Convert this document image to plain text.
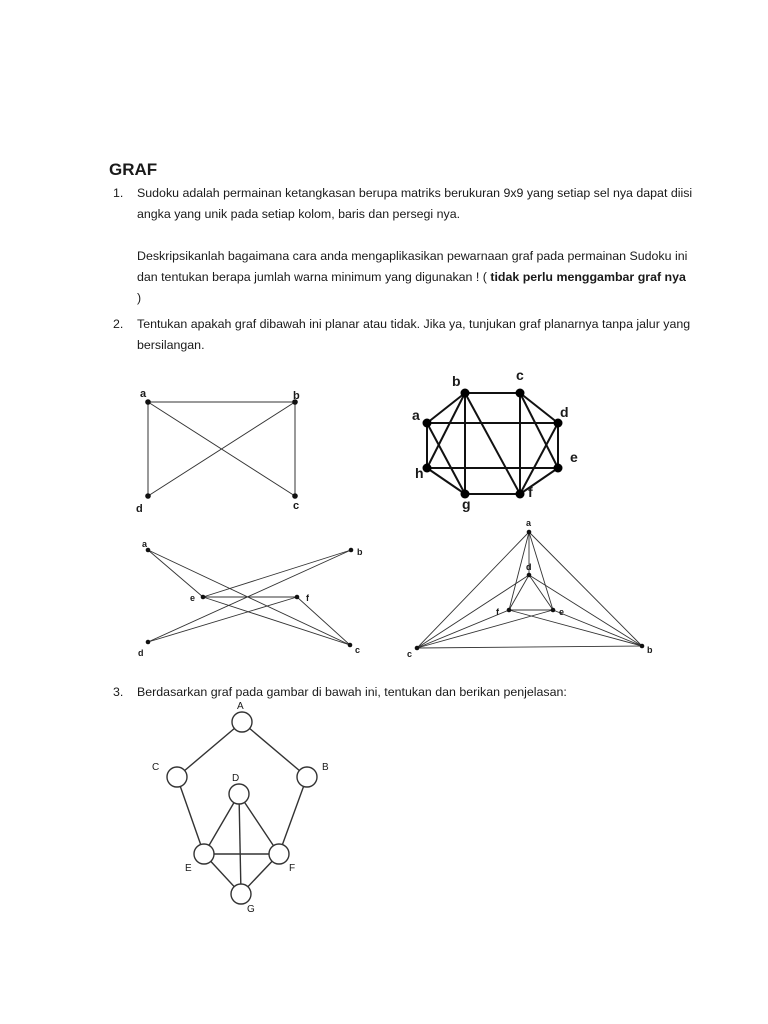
GRAF
1. Sudoku adalah permainan ketangkasan berupa matriks berukuran 9x9 yang setiap sel nya dapat diisi angka yang unik pada setiap kolom, baris dan persegi nya.

Deskripsikanlah bagaimana cara anda mengaplikasikan pewarnaan graf pada permainan Sudoku ini dan tentukan berapa jumlah warna minimum yang digunakan ! ( tidak perlu menggambar graf nya )

2. Tentukan apakah graf dibawah ini planar atau tidak. Jika ya, tunjukan graf planarnya tanpa jalur yang bersilangan.

a	b
c
d
a
b	c
d
e
f
g
h
a
b
c
d
e	f
a
b
c
d
e
f
3. Berdasarkan graf pada gambar di bawah ini, tentukan dan berikan penjelasan:

A
B
C
D
E	F
G
